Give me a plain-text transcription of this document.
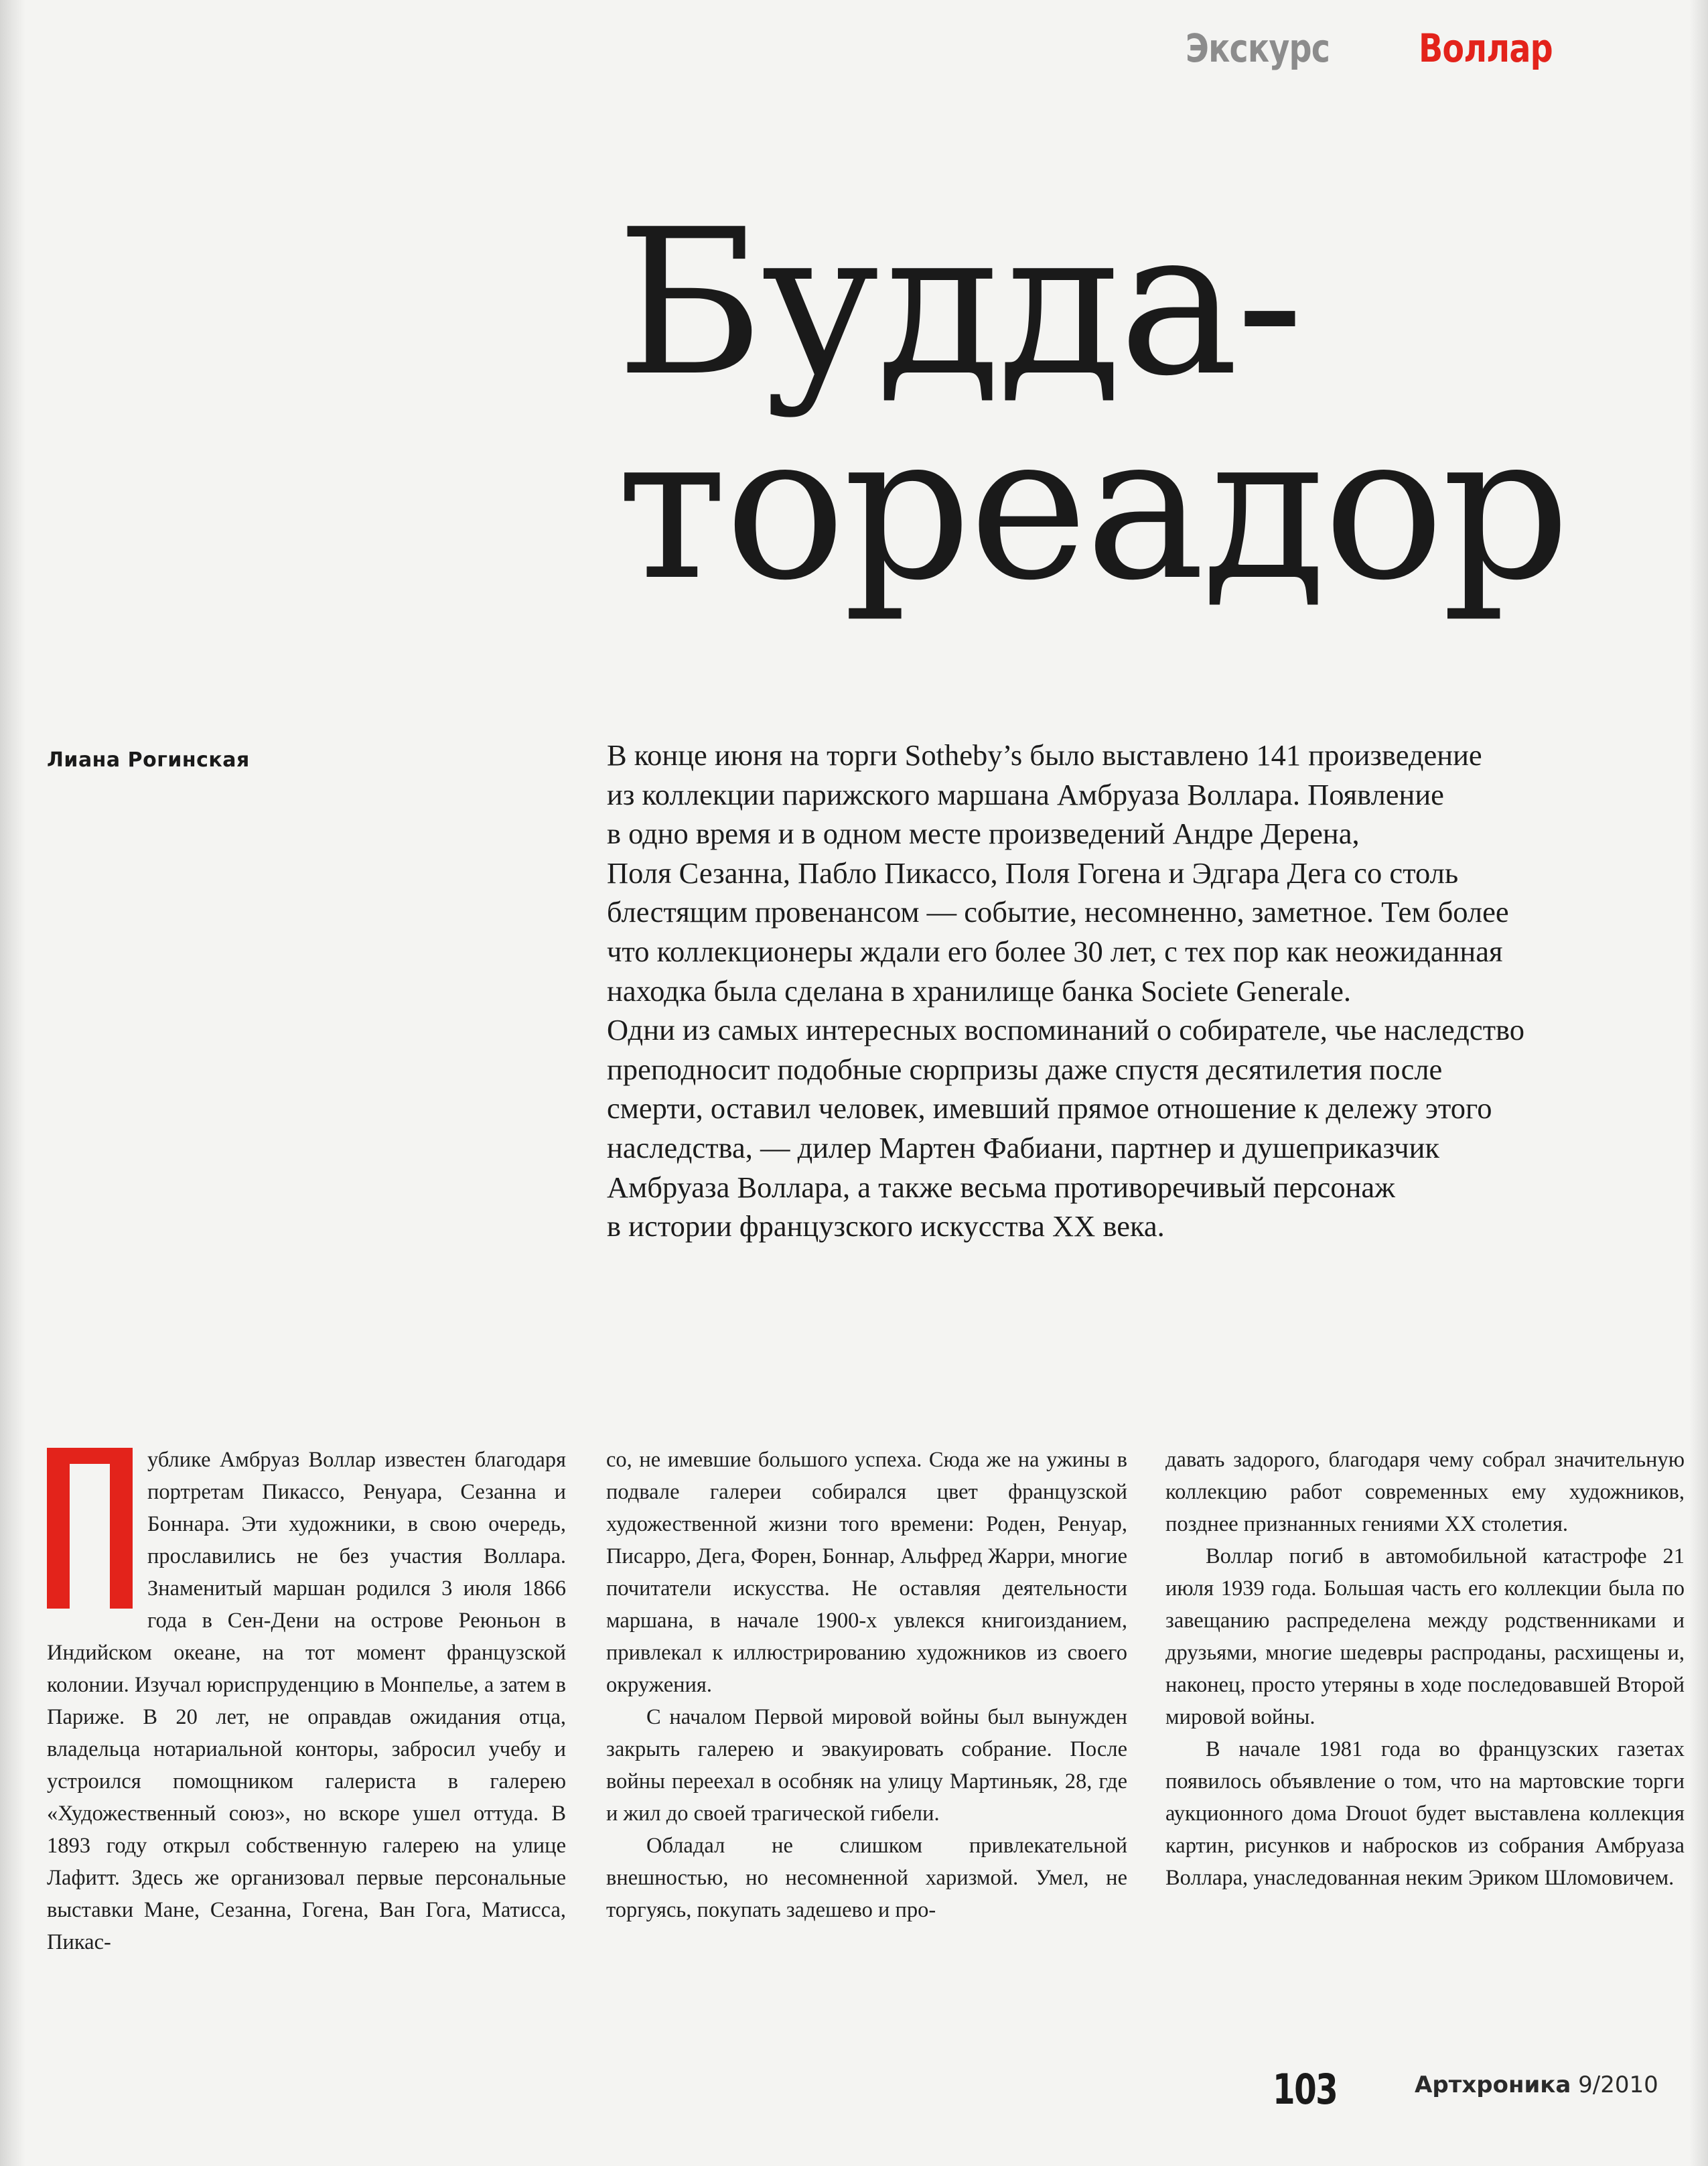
Экскурс Воллар
Будда-
тореадор
Лиана Рогинская	В конце июня на торги Sotheby’s было выставлено 141 произведение
из коллекции парижского маршана Амбруаза Воллара. Появление
в одно время и в одном месте произведений Андре Дерена,
Поля Сезанна, Пабло Пикассо, Поля Гогена и Эдгара Дега со столь
блестящим провенансом — событие, несомненно, заметное. Тем более
что коллекционеры ждали его более 30 лет, с тех пор как неожиданная
находка была сделана в хранилище банка Societe Generale.
Одни из самых интересных воспоминаний о собирателе, чье наследство
преподносит подобные сюрпризы даже спустя десятилетия после
смерти, оставил человек, имевший прямое отношение к дележу этого
наследства, — дилер Мартен Фабиани, партнер и душеприказчик
Амбруаза Воллара, а также весьма противоречивый персонаж
в истории французского искусства XX века.

ублике Амбруаз Воллар известен благодаря портретам Пикассо, Ренуара, Сезанна и Боннара. Эти художники, в свою очередь, прославились не без участия Воллара. Знаменитый маршан родился 3 июля 1866 года в Сен-Дени на острове Реюньон в Индийском океане, на тот момент французской колонии. Изучал юриспруденцию в Монпелье, а затем в Париже. В 20 лет, не оправдав ожидания отца, владельца нотариальной конторы, забросил учебу и устроился помощником галериста в галерею «Художественный союз», но вскоре ушел оттуда. В 1893 году открыл собственную галерею на улице Лафитт. Здесь же организовал первые персональные выставки Мане, Сезанна, Гогена, Ван Гога, Матисса, Пикас-

со, не имевшие большого успеха. Сюда же на ужины в подвале галереи собирался цвет французской художественной жизни того времени: Роден, Ренуар, Писарро, Дега, Форен, Боннар, Альфред Жарри, многие почитатели искусства. Не оставляя деятельности маршана, в начале 1900-х увлекся книгоизданием, привлекал к иллюстрированию художников из своего окружения.

С началом Первой мировой войны был вынужден закрыть галерею и эвакуировать собрание. После войны переехал в особняк на улицу Мартиньяк, 28, где и жил до своей трагической гибели.

Обладал не слишком привлекательной внешностью, но несомненной харизмой. Умел, не торгуясь, покупать задешево и про-

давать задорого, благодаря чему собрал значительную коллекцию работ современных ему художников, позднее признанных гениями XX столетия.

Воллар погиб в автомобильной катастрофе 21 июля 1939 года. Большая часть его коллекции была по завещанию распределена между родственниками и друзьями, многие шедевры распроданы, расхищены и, наконец, просто утеряны в ходе последовавшей Второй мировой войны.

В начале 1981 года во французских газетах появилось объявление о том, что на мартовские торги аукционного дома Drouot будет выставлена коллекция картин, рисунков и набросков из собрания Амбруаза Воллара, унаследованная неким Эриком Шломовичем.

103	Артхроника 9/2010
